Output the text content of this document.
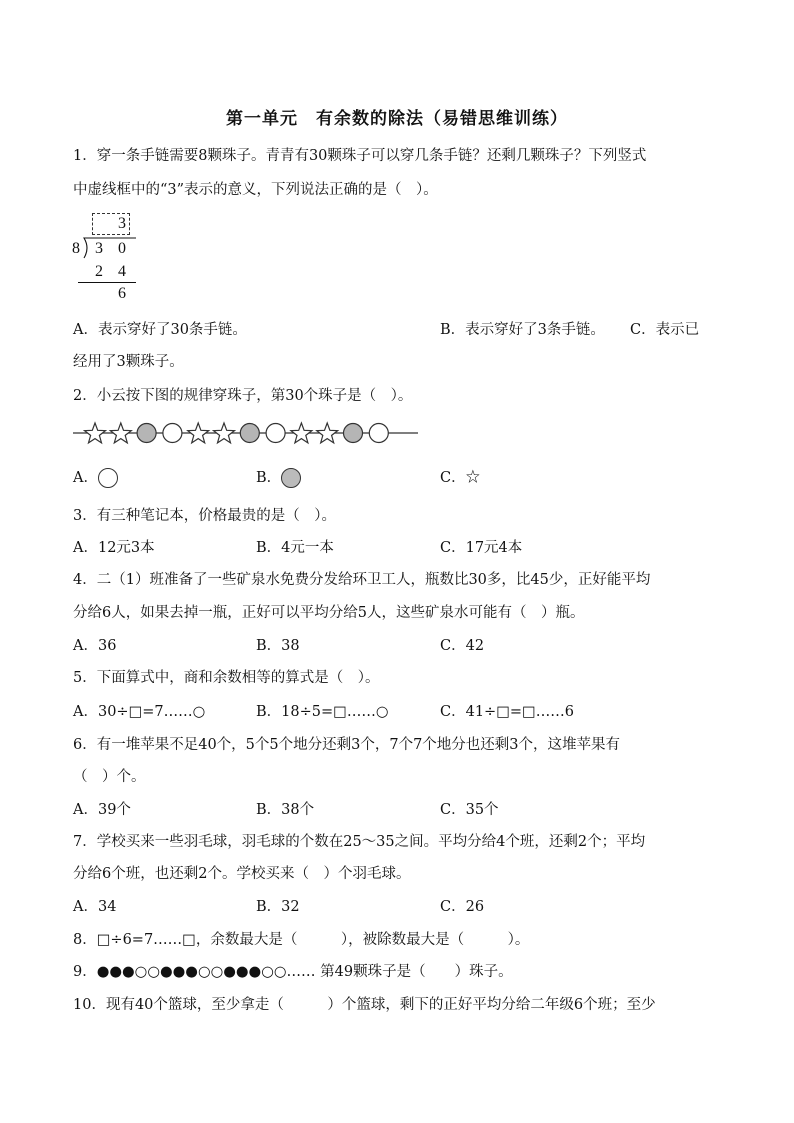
第一单元　有余数的除法（易错思维训练）
1．穿一条手链需要8颗珠子。青青有30颗珠子可以穿几条手链？还剩几颗珠子？下列竖式
中虚线框中的“3”表示的意义，下列说法正确的是（　）。
3
8 3 0
2 4
6
A．表示穿好了30条手链。	B．表示穿好了3条手链。 C．表示已
经用了3颗珠子。
2．小云按下图的规律穿珠子，第30个珠子是（　）。
A．	B．	C．☆
3．有三种笔记本，价格最贵的是（　）。
A．12元3本	B．4元一本	C．17元4本
4．二（1）班准备了一些矿泉水免费分发给环卫工人，瓶数比30多，比45少，正好能平均
分给6人，如果去掉一瓶，正好可以平均分给5人，这些矿泉水可能有（　）瓶。
A．36	B．38	C．42
5．下面算式中，商和余数相等的算式是（　）。
A．30÷□=7……○	B．18÷5=□……○	C．41÷□=□……6
6．有一堆苹果不足40个，5个5个地分还剩3个，7个7个地分也还剩3个，这堆苹果有
（　）个。
A．39个	B．38个	C．35个
7．学校买来一些羽毛球，羽毛球的个数在25～35之间。平均分给4个班，还剩2个；平均
分给6个班，也还剩2个。学校买来（　）个羽毛球。
A．34	B．32	C．26
8．□÷6=7……□，余数最大是（　　　），被除数最大是（　　　）。
9．●●●○○●●●○○●●●○○…… 第49颗珠子是（　　）珠子。
10．现有40个篮球，至少拿走（　　　）个篮球，剩下的正好平均分给二年级6个班；至少
